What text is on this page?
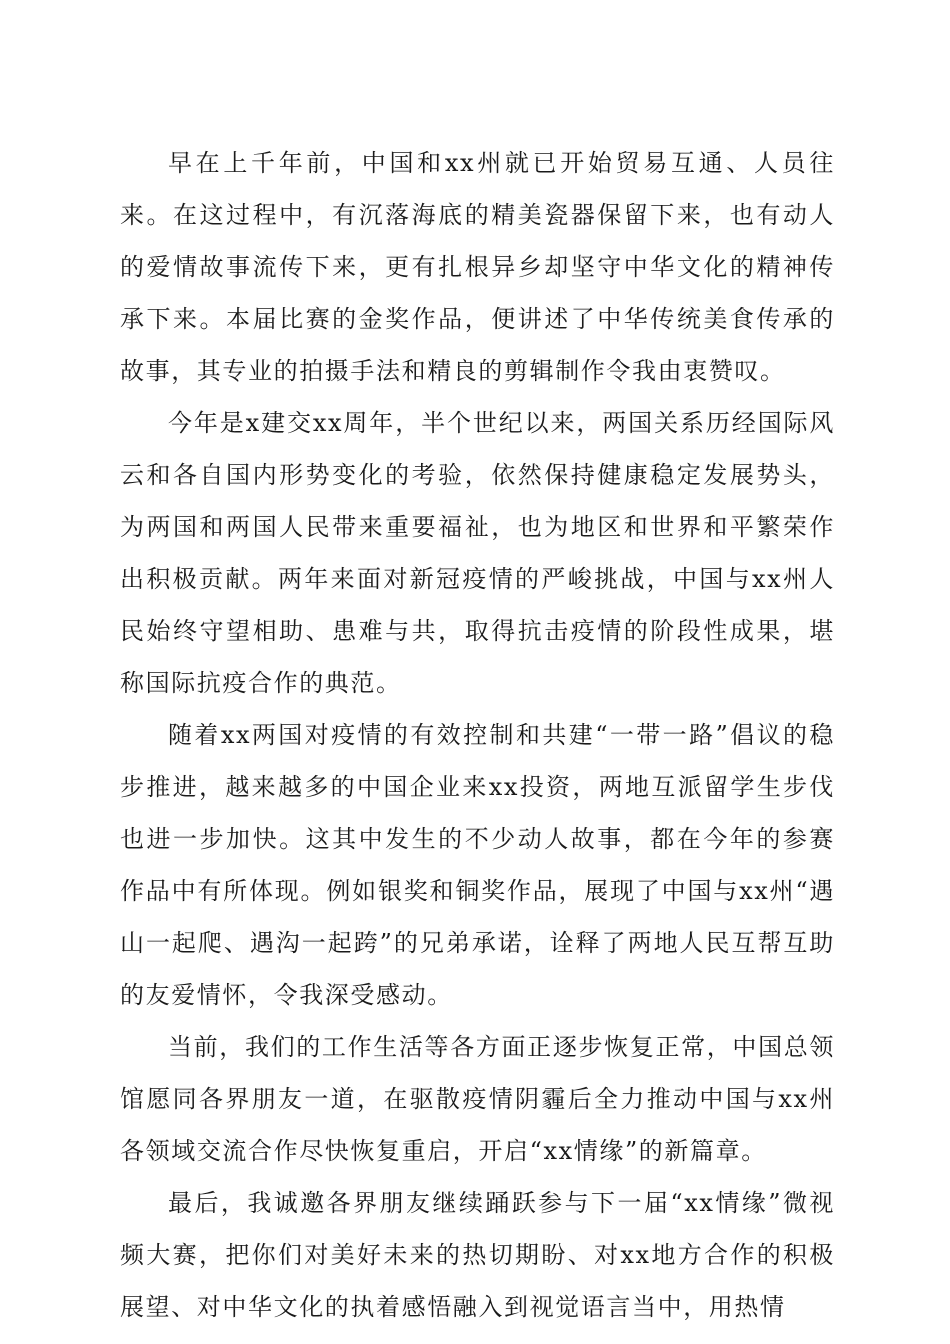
早在上千年前，中国和xx州就已开始贸易互通、人员往来。在这过程中，有沉落海底的精美瓷器保留下来，也有动人的爱情故事流传下来，更有扎根异乡却坚守中华文化的精神传承下来。本届比赛的金奖作品，便讲述了中华传统美食传承的故事，其专业的拍摄手法和精良的剪辑制作令我由衷赞叹。

今年是x建交xx周年，半个世纪以来，两国关系历经国际风云和各自国内形势变化的考验，依然保持健康稳定发展势头，为两国和两国人民带来重要福祉，也为地区和世界和平繁荣作出积极贡献。两年来面对新冠疫情的严峻挑战，中国与xx州人民始终守望相助、患难与共，取得抗击疫情的阶段性成果，堪称国际抗疫合作的典范。

随着xx两国对疫情的有效控制和共建“一带一路”倡议的稳步推进，越来越多的中国企业来xx投资，两地互派留学生步伐也进一步加快。这其中发生的不少动人故事，都在今年的参赛作品中有所体现。例如银奖和铜奖作品，展现了中国与xx州“遇山一起爬、遇沟一起跨”的兄弟承诺，诠释了两地人民互帮互助的友爱情怀，令我深受感动。

当前，我们的工作生活等各方面正逐步恢复正常，中国总领馆愿同各界朋友一道，在驱散疫情阴霾后全力推动中国与xx州各领域交流合作尽快恢复重启，开启“xx情缘”的新篇章。

最后，我诚邀各界朋友继续踊跃参与下一届“xx情缘”微视频大赛，把你们对美好未来的热切期盼、对xx地方合作的积极展望、对中华文化的执着感悟融入到视觉语言当中，用热情
